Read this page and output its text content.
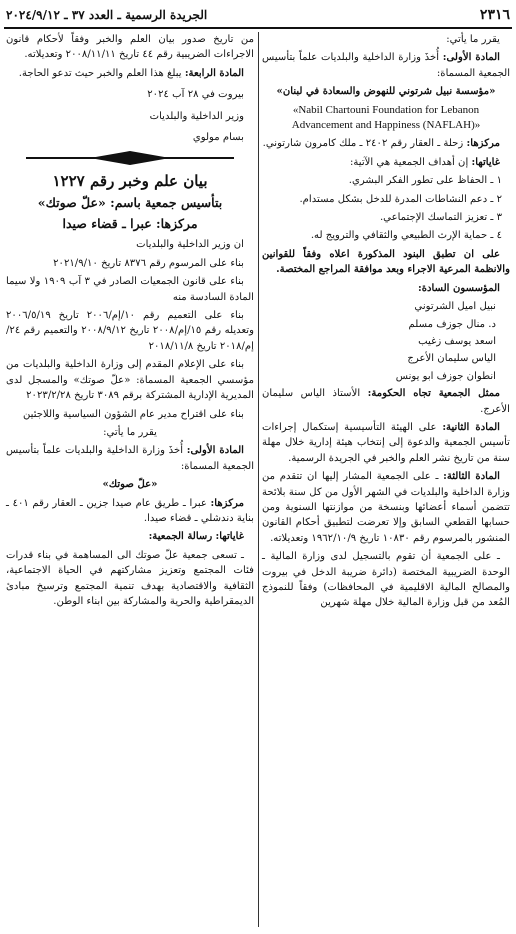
٢٣١٦
الجريدة الرسمية ـ العدد ٣٧ ـ ٢٠٢٤/٩/١٢

يقرر ما يأتي:

المادة الأولى: أُخذَ وزارة الداخلية والبلديات علماً بتأسيس الجمعية المسماة:

«مؤسسة نبيل شرتوني للنهوض والسعادة في لبنان»

«Nabil Chartouni Foundation for Lebanon Advancement and Happiness (NAFLAH)»

مركزها: زحلة ـ العقار رقم ٢٤٠٢ ـ ملك كامرون شارتوني.

غاياتها: إن أهداف الجمعية هي الآتية:

١ ـ الحفاظ على تطور الفكر البشري.

٢ ـ دعم النشاطات المدرة للدخل بشكل مستدام.

٣ ـ تعزيز التماسك الإجتماعي.

٤ ـ حماية الإرث الطبيعي والثقافي والترويج له.

على ان تطبق البنود المذكورة اعلاه وفقاً للقوانين والانظمة المرعية الاجراء وبعد موافقة المراجع المختصة.

المؤسسون السادة:

نبيل اميل الشرتوني

د. منال جوزف مسلم

اسعد يوسف زغيب

الياس سليمان الأعرج

انطوان جوزف ابو يونس

ممثل الجمعية تجاه الحكومة: الأستاذ الياس سليمان الأعرج.

المادة الثانية: على الهيئة التأسيسية إستكمال إجراءات تأسيس الجمعية والدعوة إلى إنتخاب هيئة إدارية خلال مهلة سنة من تاريخ نشر العلم والخبر في الجريدة الرسمية.

المادة الثالثة: ـ على الجمعية المشار إليها ان تتقدم من وزارة الداخلية والبلديات في الشهر الأول من كل سنة بلائحة تتضمن أسماء أعضائها وبنسخة من موازنتها السنوية ومن حسابها القطعي السابق وإلا تعرضت لتطبيق أحكام القانون المنشور بالمرسوم رقم ١٠٨٣٠ تاريخ ١٩٦٢/١٠/٩ وتعديلاته.

ـ على الجمعية أن تقوم بالتسجيل لدى وزارة المالية ـ الوحدة الضريبية المختصة (دائرة ضريبة الدخل في بيروت والمصالح المالية الاقليمية في المحافظات) وفقاً للنموذج المُعد من قبل وزارة المالية خلال مهلة شهرين

من تاريخ صدور بيان العلم والخبر وفقاً لأحكام قانون الاجراءات الضريبية رقم ٤٤ تاريخ ٢٠٠٨/١١/١١ وتعديلاته.

المادة الرابعة: يبلغ هذا العلم والخبر حيث تدعو الحاجة.

بيروت في ٢٨ آب ٢٠٢٤

وزير الداخلية والبلديات

بسام مولوي

بيان علم وخبر رقم ١٢٢٧

بتأسيس جمعية باسم: «علّ صوتك»

مركزها: عبرا ـ قضاء صيدا

ان وزير الداخلية والبلديات

بناء على المرسوم رقم ٨٣٧٦ تاريخ ٢٠٢١/٩/١٠

بناء على قانون الجمعيات الصادر في ٣ آب ١٩٠٩ ولا سيما المادة السادسة منه

بناء على التعميم رقم ١٠/إم/٢٠٠٦ تاريخ ٢٠٠٦/٥/١٩ وتعديله رقم ١٥/إم/٢٠٠٨ تاريخ ٢٠٠٨/٩/١٢ والتعميم رقم ٢٤/إم/٢٠١٨ تاريخ ٢٠١٨/١١/٨

بناء على الإعلام المقدم إلى وزارة الداخلية والبلديات من مؤسسي الجمعية المسماة: «علّ صوتك» والمسجل لدى المديرية الإدارية المشتركة برقم ٣٠٨٩ تاريخ ٢٠٢٣/٢/٢٨

بناء على اقتراح مدير عام الشؤون السياسية واللاجئين

يقرر ما يأتي:

المادة الأولى: أُخذَ وزارة الداخلية والبلديات علماً بتأسيس الجمعية المسماة:

«علّ صوتك»

مركزها: عبرا ـ طريق عام صيدا جزين ـ العقار رقم ٤٠١ ـ بناية دندشلي ـ قضاء صيدا.

غاياتها: رسالة الجمعية:

ـ تسعى جمعية علّ صوتك الى المساهمة في بناء قدرات فئات المجتمع وتعزيز مشاركتهم في الحياة الاجتماعية، الثقافية والاقتصادية بهدف تنمية المجتمع وترسيخ مبادئ الديمقراطية والحرية والمشاركة بين ابناء الوطن.
